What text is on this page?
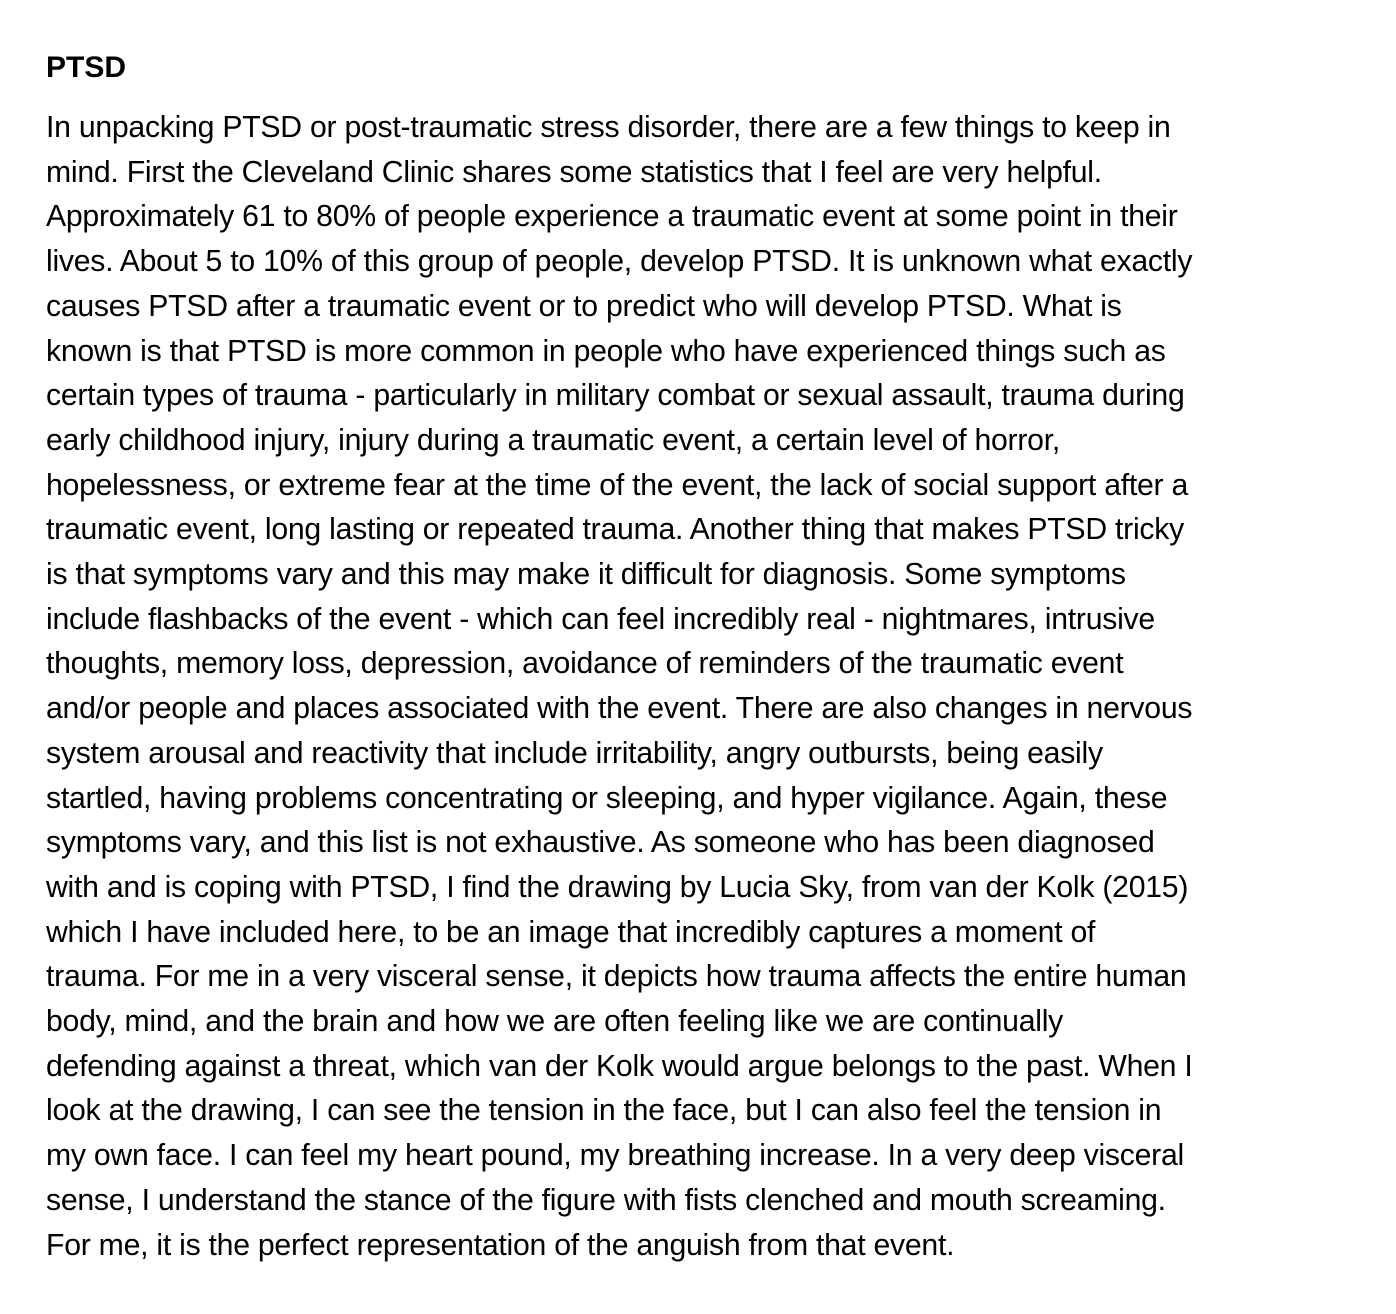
PTSD

In unpacking PTSD or post-traumatic stress disorder, there are a few things to keep in
mind. First the Cleveland Clinic shares some statistics that I feel are very helpful.
Approximately 61 to 80% of people experience a traumatic event at some point in their
lives. About 5 to 10% of this group of people, develop PTSD. It is unknown what exactly
causes PTSD after a traumatic event or to predict who will develop PTSD. What is
known is that PTSD is more common in people who have experienced things such as
certain types of trauma - particularly in military combat or sexual assault, trauma during
early childhood injury, injury during a traumatic event, a certain level of horror,
hopelessness, or extreme fear at the time of the event, the lack of social support after a
traumatic event, long lasting or repeated trauma. Another thing that makes PTSD tricky
is that symptoms vary and this may make it difficult for diagnosis. Some symptoms
include flashbacks of the event - which can feel incredibly real - nightmares, intrusive
thoughts, memory loss, depression, avoidance of reminders of the traumatic event
and/or people and places associated with the event. There are also changes in nervous
system arousal and reactivity that include irritability, angry outbursts, being easily
startled, having problems concentrating or sleeping, and hyper vigilance. Again, these
symptoms vary, and this list is not exhaustive. As someone who has been diagnosed
with and is coping with PTSD, I find the drawing by Lucia Sky, from van der Kolk (2015)
which I have included here, to be an image that incredibly captures a moment of
trauma. For me in a very visceral sense, it depicts how trauma affects the entire human
body, mind, and the brain and how we are often feeling like we are continually
defending against a threat, which van der Kolk would argue belongs to the past. When I
look at the drawing, I can see the tension in the face, but I can also feel the tension in
my own face. I can feel my heart pound, my breathing increase. In a very deep visceral
sense, I understand the stance of the figure with fists clenched and mouth screaming.
For me, it is the perfect representation of the anguish from that event.
